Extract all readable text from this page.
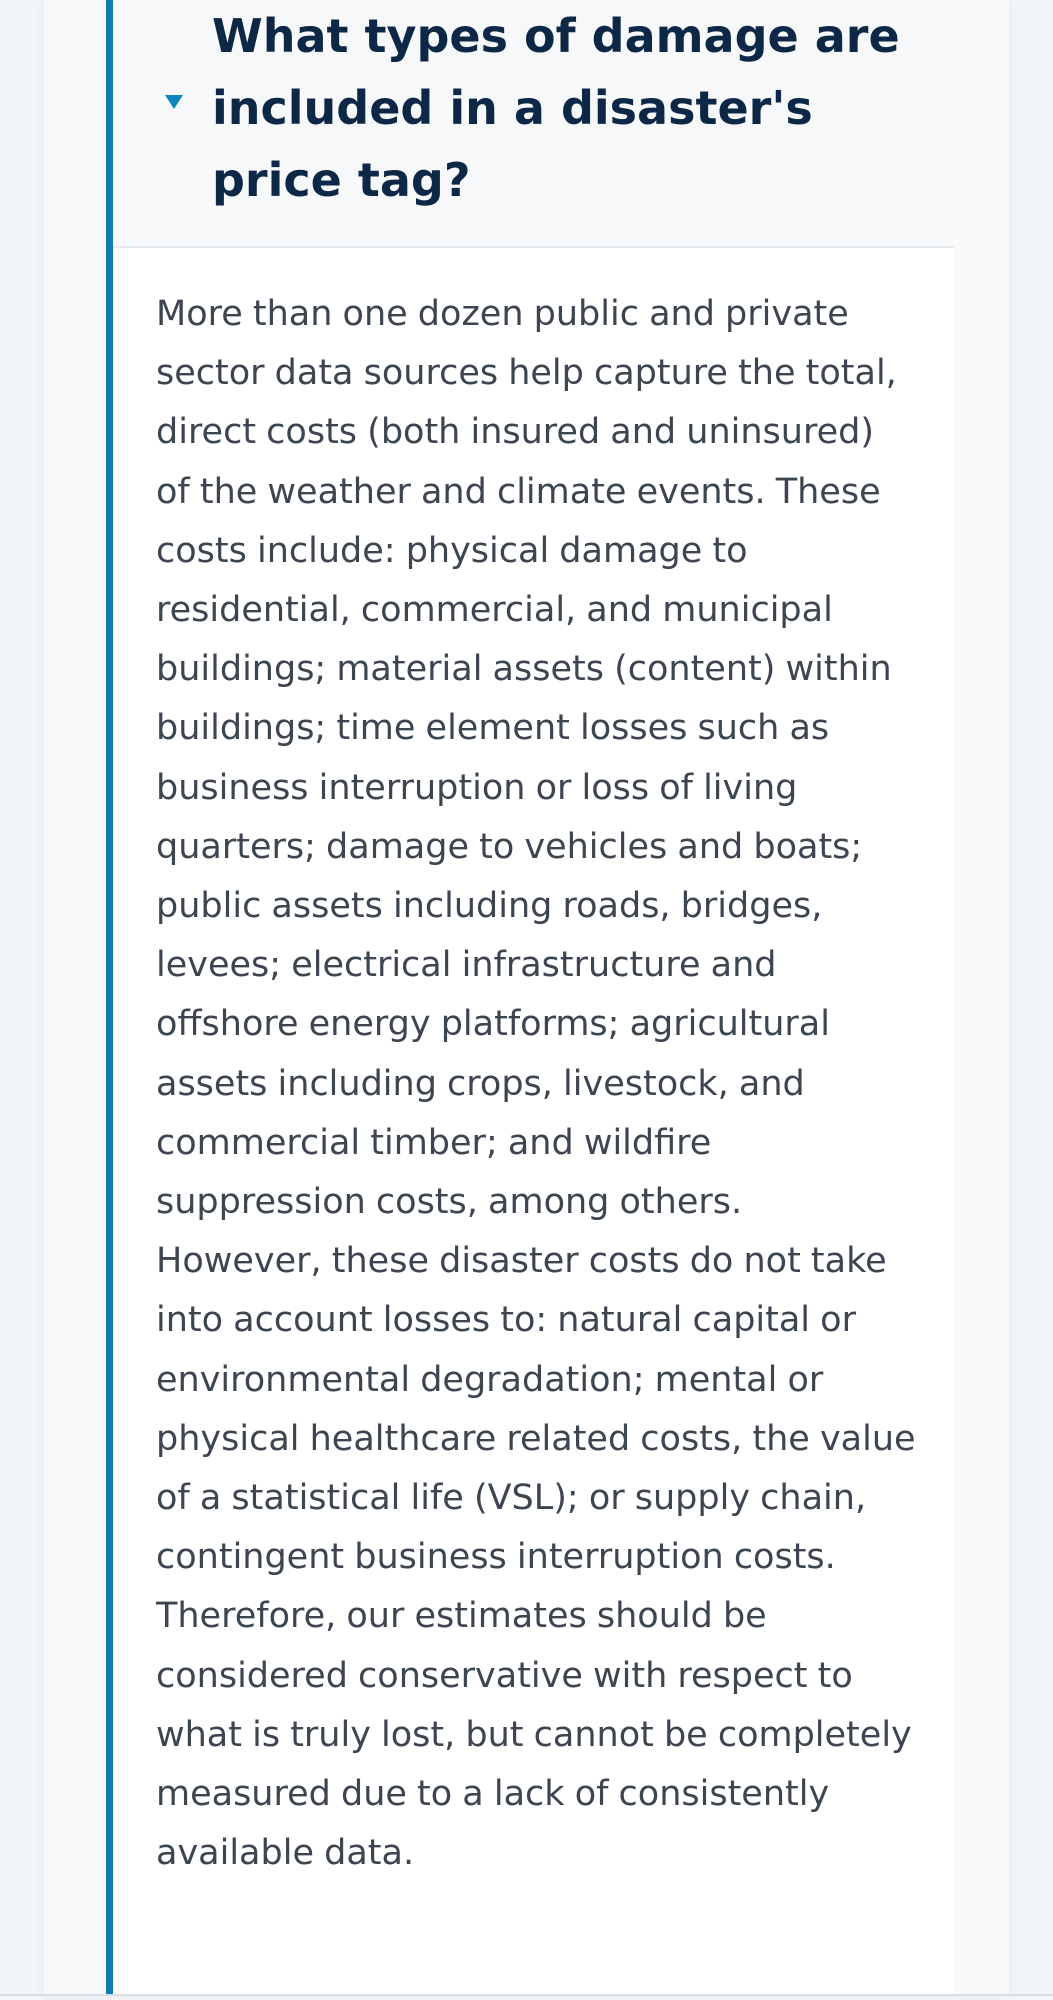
What types of damage are included in a disaster's price tag?

More than one dozen public and private sector data sources help capture the total, direct costs (both insured and uninsured) of the weather and climate events. These costs include: physical damage to residential, commercial, and municipal buildings; material assets (content) within buildings; time element losses such as business interruption or loss of living quarters; damage to vehicles and boats; public assets including roads, bridges, levees; electrical infrastructure and offshore energy platforms; agricultural assets including crops, livestock, and commercial timber; and wildfire suppression costs, among others. However, these disaster costs do not take into account losses to: natural capital or environmental degradation; mental or physical healthcare related costs, the value of a statistical life (VSL); or supply chain, contingent business interruption costs. Therefore, our estimates should be considered conservative with respect to what is truly lost, but cannot be completely measured due to a lack of consistently available data.
